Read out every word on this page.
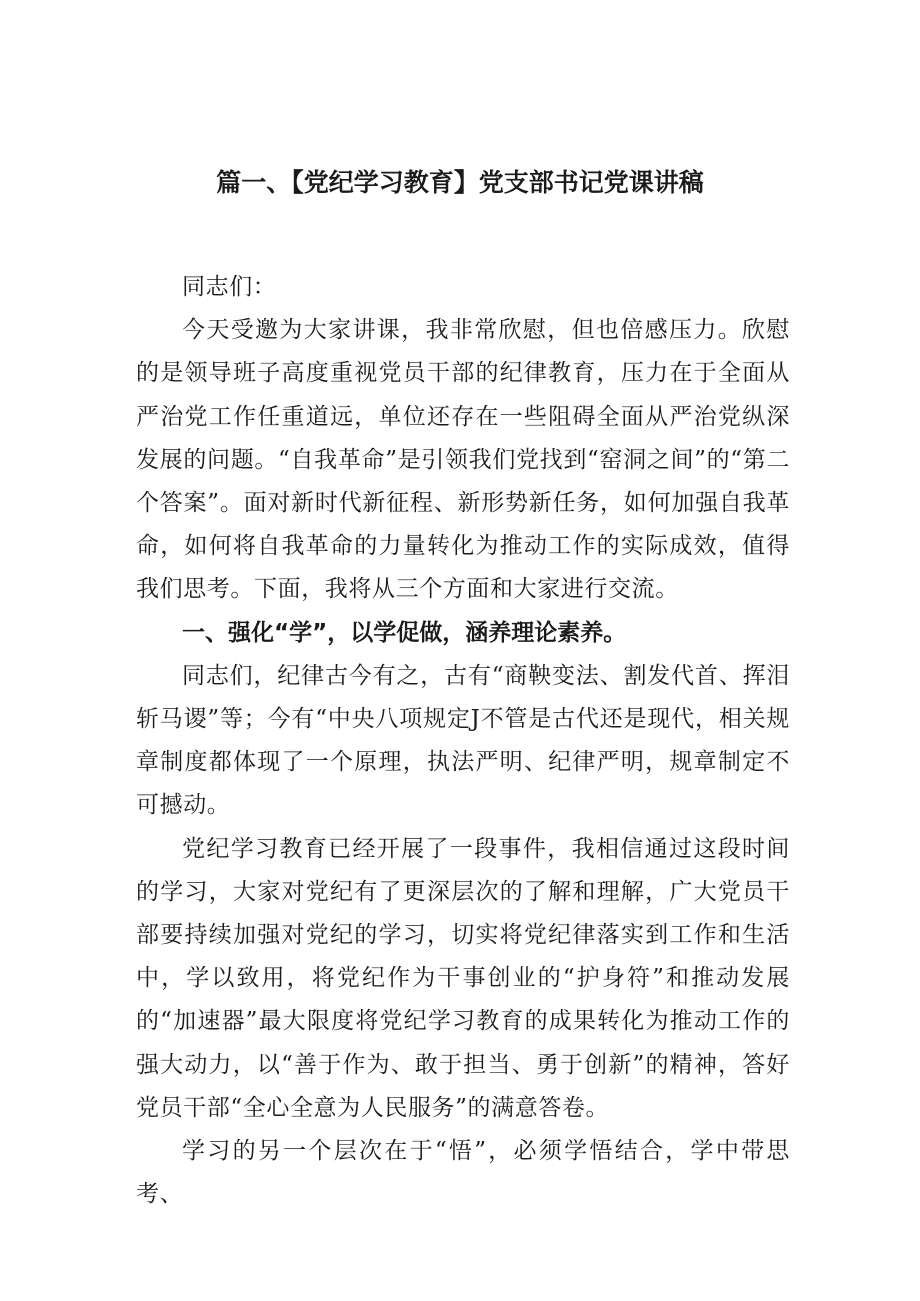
篇一、【党纪学习教育】党支部书记党课讲稿

同志们：

今天受邀为大家讲课，我非常欣慰，但也倍感压力。欣慰的是领导班子高度重视党员干部的纪律教育，压力在于全面从严治党工作任重道远，单位还存在一些阻碍全面从严治党纵深发展的问题。“自我革命”是引领我们党找到“窑洞之间”的“第二个答案”。面对新时代新征程、新形势新任务，如何加强自我革命，如何将自我革命的力量转化为推动工作的实际成效，值得我们思考。下面，我将从三个方面和大家进行交流。

一、强化“学”，以学促做，涵养理论素养。

同志们，纪律古今有之，古有“商鞅变法、割发代首、挥泪斩马谡”等；今有“中央八项规定J不管是古代还是现代，相关规章制度都体现了一个原理，执法严明、纪律严明，规章制定不可撼动。

党纪学习教育已经开展了一段事件，我相信通过这段时间的学习，大家对党纪有了更深层次的了解和理解，广大党员干部要持续加强对党纪的学习，切实将党纪律落实到工作和生活中，学以致用，将党纪作为干事创业的“护身符”和推动发展的“加速器”最大限度将党纪学习教育的成果转化为推动工作的强大动力，以“善于作为、敢于担当、勇于创新”的精神，答好党员干部“全心全意为人民服务”的满意答卷。

学习的另一个层次在于“悟”，必须学悟结合，学中带思考、
